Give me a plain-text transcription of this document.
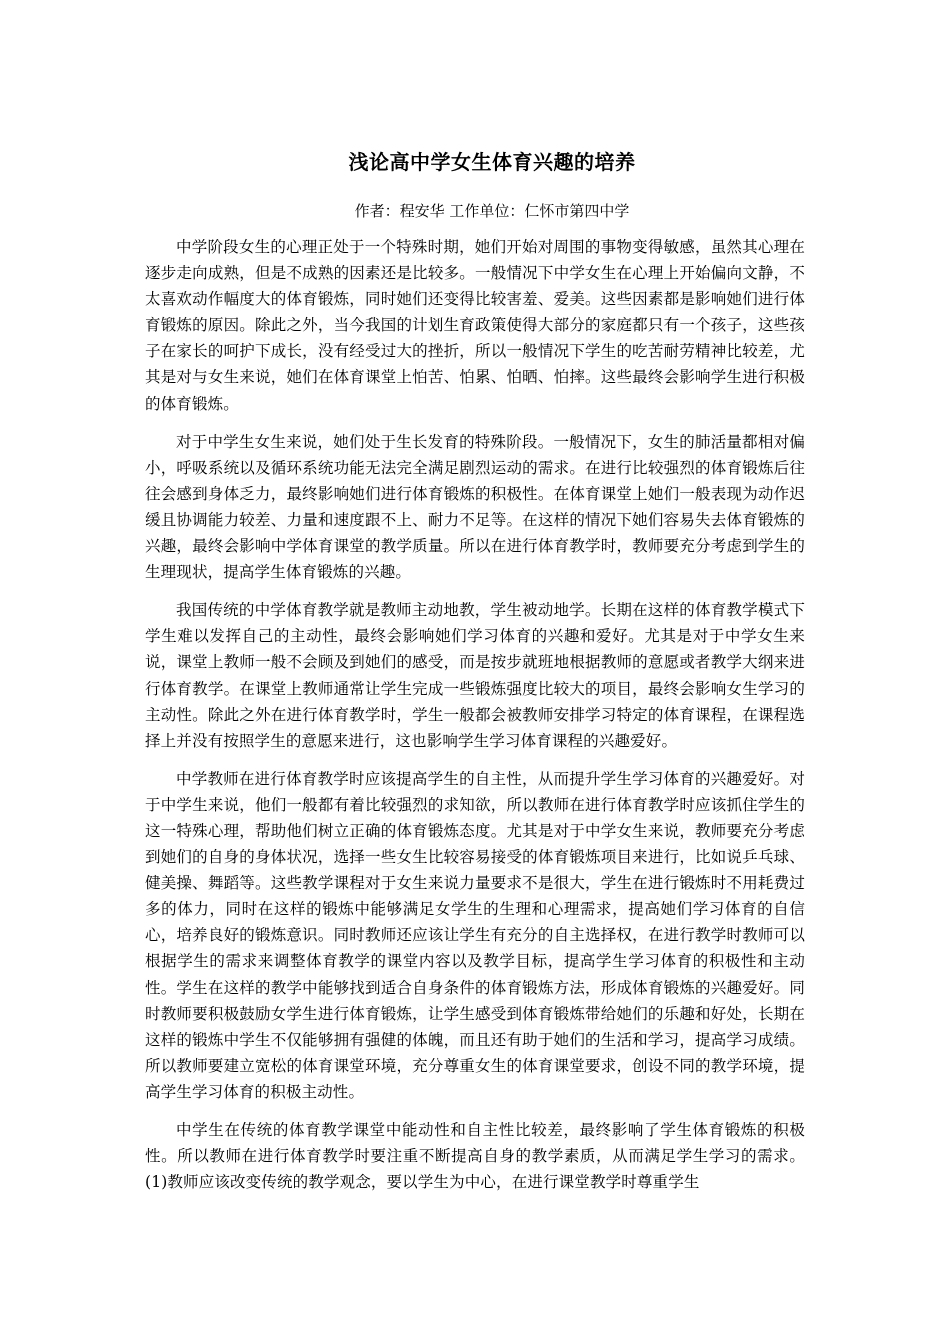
浅论高中学女生体育兴趣的培养
作者：程安华 工作单位：仁怀市第四中学

中学阶段女生的心理正处于一个特殊时期，她们开始对周围的事物变得敏感，虽然其心理在逐步走向成熟，但是不成熟的因素还是比较多。一般情况下中学女生在心理上开始偏向文静，不太喜欢动作幅度大的体育锻炼，同时她们还变得比较害羞、爱美。这些因素都是影响她们进行体育锻炼的原因。除此之外，当今我国的计划生育政策使得大部分的家庭都只有一个孩子，这些孩子在家长的呵护下成长，没有经受过大的挫折，所以一般情况下学生的吃苦耐劳精神比较差，尤其是对与女生来说，她们在体育课堂上怕苦、怕累、怕晒、怕摔。这些最终会影响学生进行积极的体育锻炼。

对于中学生女生来说，她们处于生长发育的特殊阶段。一般情况下，女生的肺活量都相对偏小，呼吸系统以及循环系统功能无法完全满足剧烈运动的需求。在进行比较强烈的体育锻炼后往往会感到身体乏力，最终影响她们进行体育锻炼的积极性。在体育课堂上她们一般表现为动作迟缓且协调能力较差、力量和速度跟不上、耐力不足等。在这样的情况下她们容易失去体育锻炼的兴趣，最终会影响中学体育课堂的教学质量。所以在进行体育教学时，教师要充分考虑到学生的生理现状，提高学生体育锻炼的兴趣。

我国传统的中学体育教学就是教师主动地教，学生被动地学。长期在这样的体育教学模式下学生难以发挥自己的主动性，最终会影响她们学习体育的兴趣和爱好。尤其是对于中学女生来说，课堂上教师一般不会顾及到她们的感受，而是按步就班地根据教师的意愿或者教学大纲来进行体育教学。在课堂上教师通常让学生完成一些锻炼强度比较大的项目，最终会影响女生学习的主动性。除此之外在进行体育教学时，学生一般都会被教师安排学习特定的体育课程，在课程选择上并没有按照学生的意愿来进行，这也影响学生学习体育课程的兴趣爱好。

中学教师在进行体育教学时应该提高学生的自主性，从而提升学生学习体育的兴趣爱好。对于中学生来说，他们一般都有着比较强烈的求知欲，所以教师在进行体育教学时应该抓住学生的这一特殊心理，帮助他们树立正确的体育锻炼态度。尤其是对于中学女生来说，教师要充分考虑到她们的自身的身体状况，选择一些女生比较容易接受的体育锻炼项目来进行，比如说乒乓球、健美操、舞蹈等。这些教学课程对于女生来说力量要求不是很大，学生在进行锻炼时不用耗费过多的体力，同时在这样的锻炼中能够满足女学生的生理和心理需求，提高她们学习体育的自信心，培养良好的锻炼意识。同时教师还应该让学生有充分的自主选择权，在进行教学时教师可以根据学生的需求来调整体育教学的课堂内容以及教学目标，提高学生学习体育的积极性和主动性。学生在这样的教学中能够找到适合自身条件的体育锻炼方法，形成体育锻炼的兴趣爱好。同时教师要积极鼓励女学生进行体育锻炼，让学生感受到体育锻炼带给她们的乐趣和好处，长期在这样的锻炼中学生不仅能够拥有强健的体魄，而且还有助于她们的生活和学习，提高学习成绩。所以教师要建立宽松的体育课堂环境，充分尊重女生的体育课堂要求，创设不同的教学环境，提高学生学习体育的积极主动性。

中学生在传统的体育教学课堂中能动性和自主性比较差，最终影响了学生体育锻炼的积极性。所以教师在进行体育教学时要注重不断提高自身的教学素质，从而满足学生学习的需求。(1)教师应该改变传统的教学观念，要以学生为中心，在进行课堂教学时尊重学生
